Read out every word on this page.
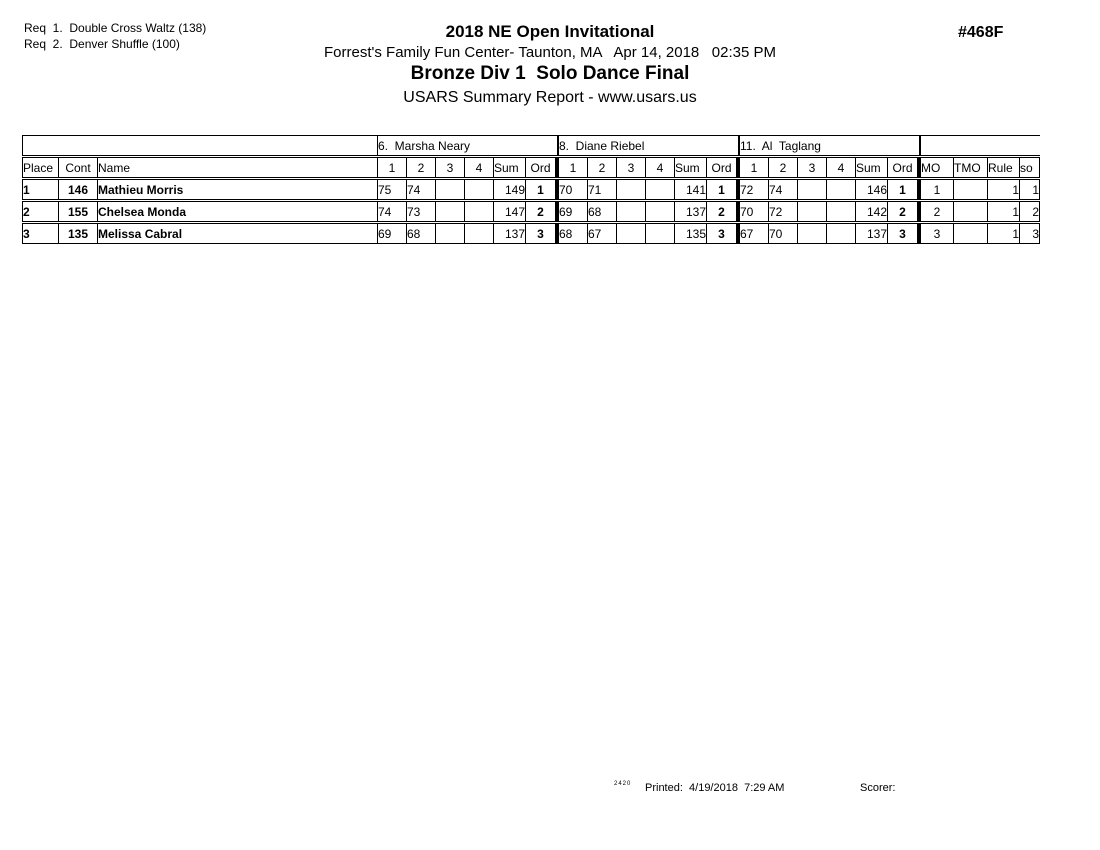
Req  1.  Double Cross Waltz (138)
Req  2.  Denver Shuffle (100)
2018 NE Open Invitational
Forrest's Family Fun Center- Taunton, MA   Apr 14, 2018   02:35 PM
Bronze Div 1  Solo Dance Final
USARS Summary Report - www.usars.us
#468F
			6.  Marsha Neary						8.  Diane Riebel						11.  Al  Taglang									
Place	Cont	Name	1	2	3	4	Sum	Ord	1	2	3	4	Sum	Ord	1	2	3	4	Sum	Ord	MO	TMO	Rule	so
1	146	Mathieu Morris	75	74			149	1	70	71			141	1	72	74			146	1	1		1	1
2	155	Chelsea Monda	74	73			147	2	69	68			137	2	70	72			142	2	2		1	2
3	135	Melissa Cabral	69	68			137	3	68	67			135	3	67	70			137	3	3		1	3
2420 Printed:  4/19/2018  7:29 AM	Scorer:
